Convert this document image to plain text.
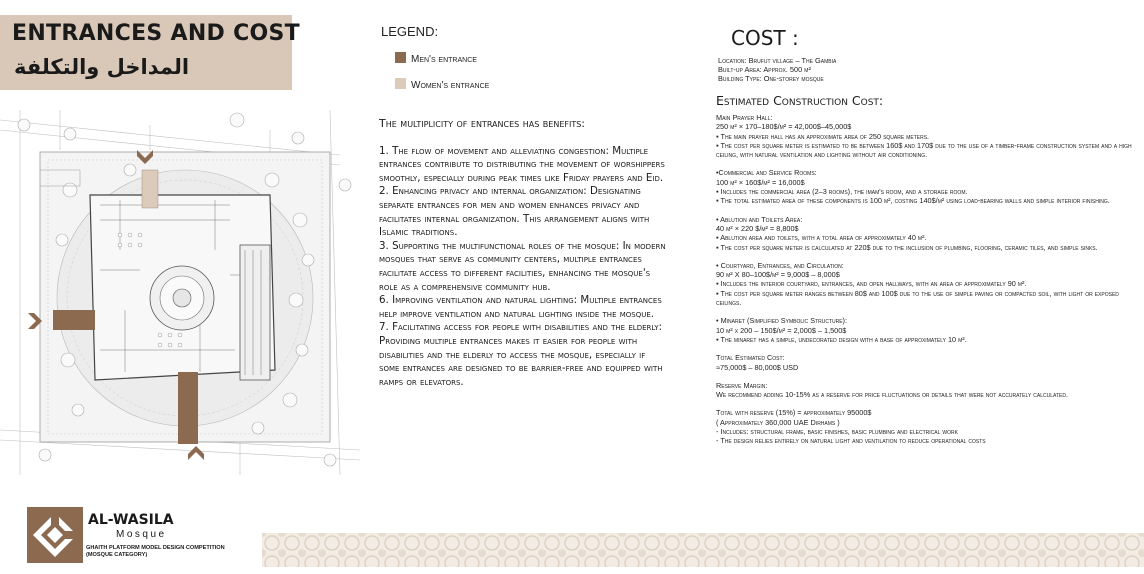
ENTRANCES AND COST
المداخل والتكلفة
LEGEND:
Men's entrance
Women's entrance

The multiplicity of entrances has benefits:

1. The flow of movement and alleviating congestion: Multiple entrances contribute to distributing the movement of worshippers smoothly, especially during peak times like Friday prayers and Eid.

2. Enhancing privacy and internal organization: Designating separate entrances for men and women enhances privacy and facilitates internal organization. This arrangement aligns with Islamic traditions.

3. Supporting the multifunctional roles of the mosque: In modern mosques that serve as community centers, multiple entrances facilitate access to different facilities, enhancing the mosque's role as a comprehensive community hub.

6. Improving ventilation and natural lighting: Multiple entrances help improve ventilation and natural lighting inside the mosque.

7. Facilitating access for people with disabilities and the elderly: Providing multiple entrances makes it easier for people with disabilities and the elderly to access the mosque, especially if some entrances are designed to be barrier-free and equipped with ramps or elevators.

COST :
Location: Brufut village – The Gambia
Built-up Area: Approx. 500 m²
Building Type: One-storey mosque
Estimated Construction Cost:

Main Prayer Hall:

250 m² × 170–180$/m² = 42,000$–45,000$

▪ The main prayer hall has an approximate area of 250 square meters.

▪ The cost per square meter is estimated to be between 160$ and 170$ due to the use of a timber-frame construction system and a high ceiling, with natural ventilation and lighting without air conditioning.

•Commercial and Service Rooms:

100 m² × 160$/m² = 16,000$

▪ Includes the commercial area (2–3 rooms), the imam's room, and a storage room.

▪ The total estimated area of these components is 100 m², costing 140$/m² using load-bearing walls and simple interior finishing.

• Ablution and Toilets Area:

40 m² × 220 $/m² = 8,800$

▪ Ablution area and toilets, with a total area of approximately 40 m².

▪ The cost per square meter is calculated at 220$ due to the inclusion of plumbing, flooring, ceramic tiles, and simple sinks.

• Courtyard, Entrances, and Circulation:

90 m² X 80–100$/m² = 9,000$ – 8,000$

▪ Includes the interior courtyard, entrances, and open hallways, with an area of approximately 90 m².

▪ The cost per square meter ranges between 80$ and 100$ due to the use of simple paving or compacted soil, with light or exposed ceilings.

• Minaret (Simplified Symbolic Structure):

10 m² x 200 – 150$/m² = 2,000$ – 1,500$

▪ The minaret has a simple, undecorated design with a base of approximately 10 m².

Total Estimated Cost:

≈75,000$ – 80,000$ USD

Reserve Margin:

We recommend adding 10-15% as a reserve for price fluctuations or details that were not accurately calculated.

Total with reserve (15%) = approximately 95000$

( Approximately 360,000 UAE Dirhams )

- Includes: structural frame, basic finishes, basic plumbing and electrical work

- The design relies entirely on natural light and ventilation to reduce operational costs

AL-WASILA
Mosque
GHAITH PLATFORM MODEL DESIGN COMPETITION
(MOSQUE CATEGORY)
